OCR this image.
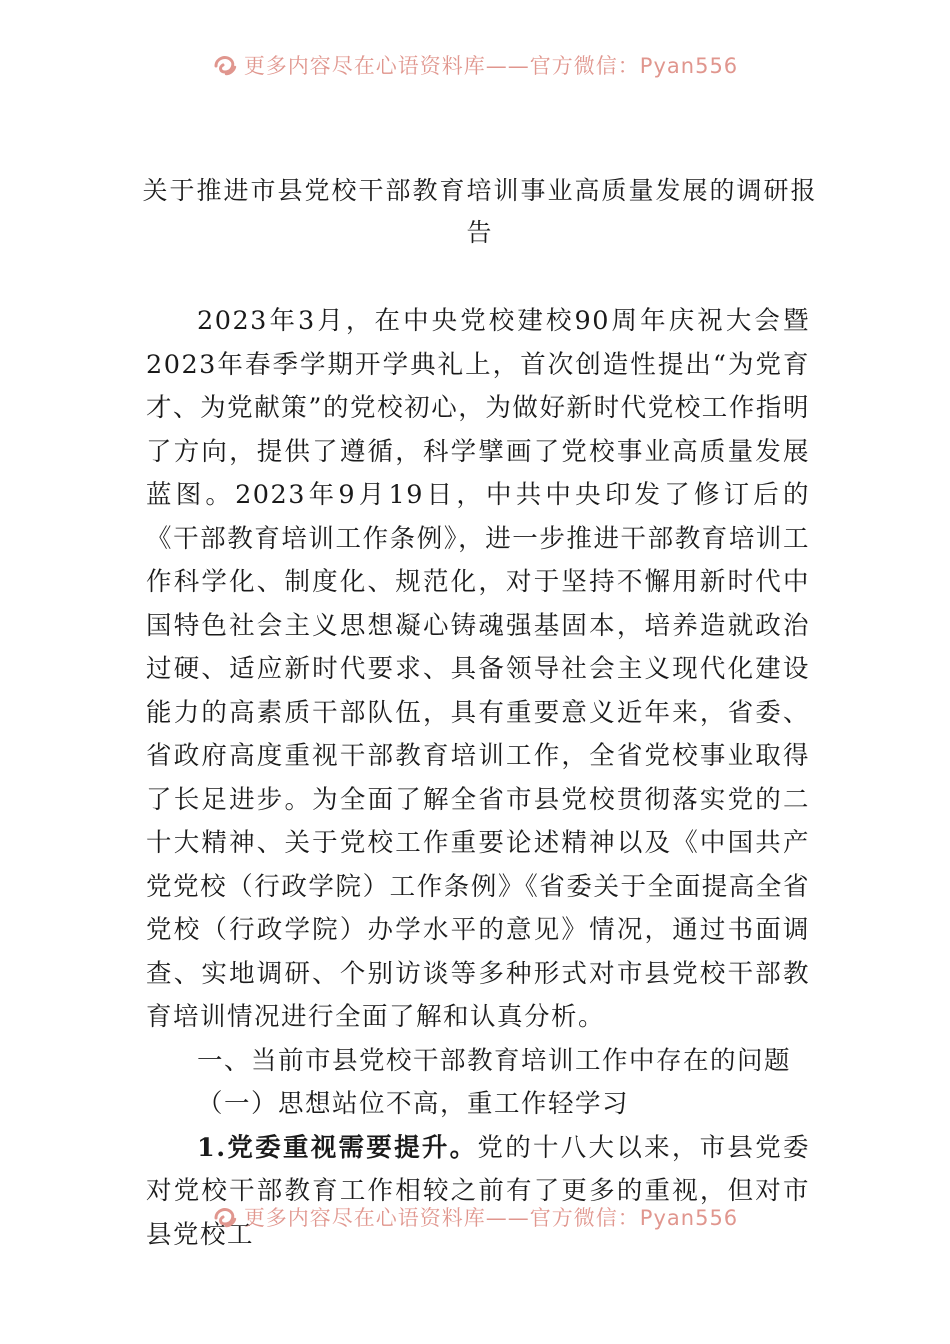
更多内容尽在心语资料库——官方微信：Pyan556
关于推进市县党校干部教育培训事业高质量发展的调研报
告

2023年3月，在中央党校建校90周年庆祝大会暨2023年春季学期开学典礼上，首次创造性提出“为党育才、为党献策”的党校初心，为做好新时代党校工作指明了方向，提供了遵循，科学擘画了党校事业高质量发展蓝图。2023年9月19日，中共中央印发了修订后的《干部教育培训工作条例》，进一步推进干部教育培训工作科学化、制度化、规范化，对于坚持不懈用新时代中国特色社会主义思想凝心铸魂强基固本，培养造就政治过硬、适应新时代要求、具备领导社会主义现代化建设能力的高素质干部队伍，具有重要意义近年来，省委、省政府高度重视干部教育培训工作，全省党校事业取得了长足进步。为全面了解全省市县党校贯彻落实党的二十大精神、关于党校工作重要论述精神以及《中国共产党党校（行政学院）工作条例》《省委关于全面提高全省党校（行政学院）办学水平的意见》情况，通过书面调查、实地调研、个别访谈等多种形式对市县党校干部教育培训情况进行全面了解和认真分析。

一、当前市县党校干部教育培训工作中存在的问题

（一）思想站位不高，重工作轻学习

1.党委重视需要提升。党的十八大以来，市县党委对党校干部教育工作相较之前有了更多的重视，但对市县党校工

更多内容尽在心语资料库——官方微信：Pyan556
